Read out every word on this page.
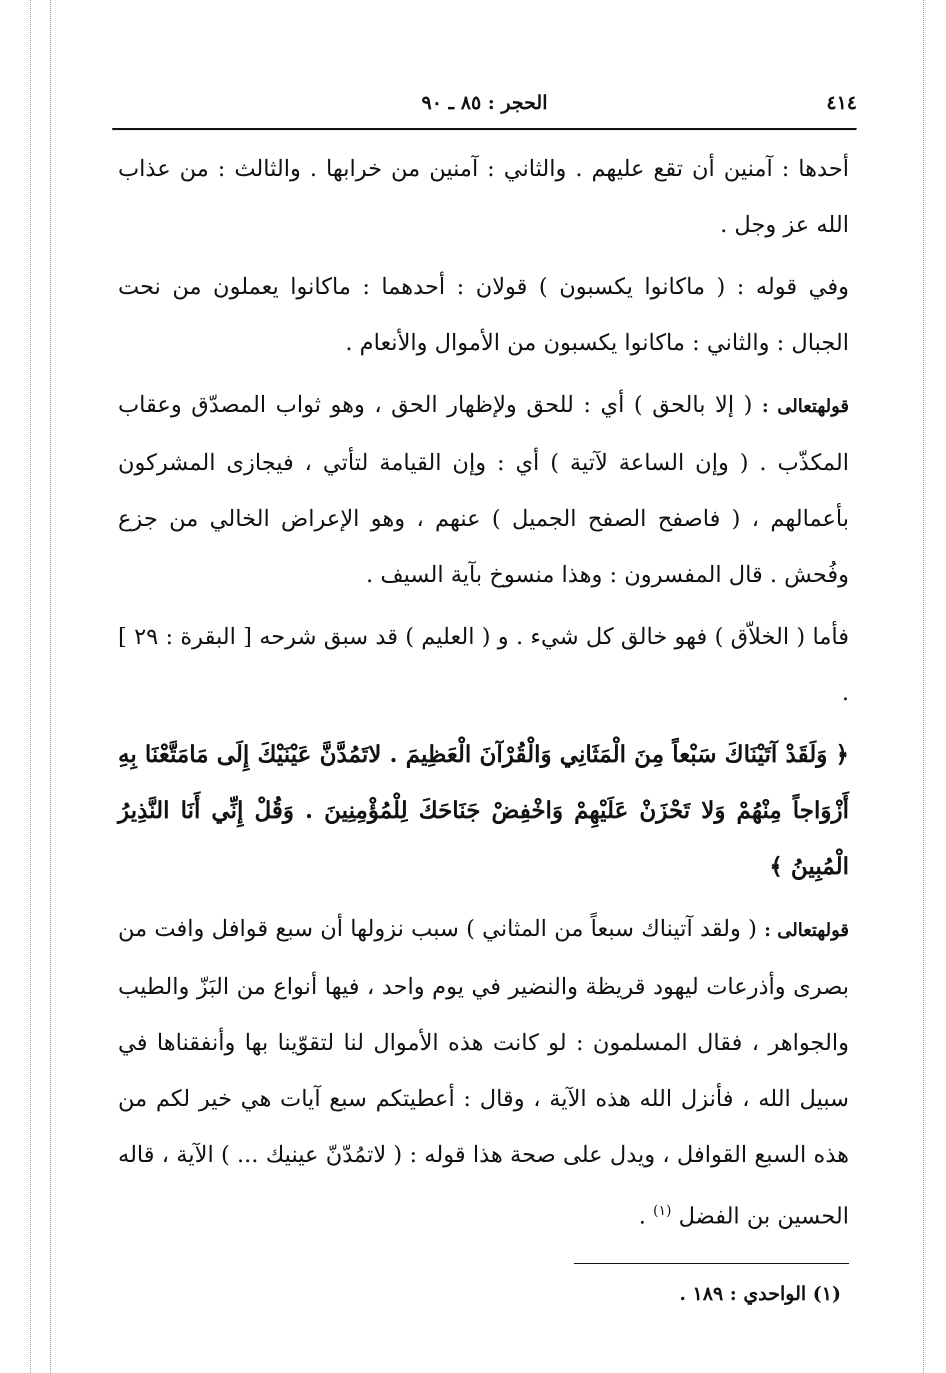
٤١٤
الحجر : ٨٥ ـ ٩٠

أحدها : آمنين أن تقع عليهم . والثاني : آمنين من خرابها . والثالث : من عذاب الله عز وجل .

وفي قوله : ( ماكانوا يكسبون ) قولان : أحدهما : ماكانوا يعملون من نحت الجبال : والثاني : ماكانوا يكسبون من الأموال والأنعام .

قولهتعالى : ( إلا بالحق ) أي : للحق ولإظهار الحق ، وهو ثواب المصدّق وعقاب المكذّب . ( وإن الساعة لآتية ) أي : وإن القيامة لتأتي ، فيجازى المشركون بأعمالهم ، ( فاصفح الصفح الجميل ) عنهم ، وهو الإعراض الخالي من جزع وفُحش . قال المفسرون : وهذا منسوخ بآية السيف .

فأما ( الخلاّق ) فهو خالق كل شيء . و ( العليم ) قد سبق شرحه [ البقرة : ٢٩ ] .

﴿ وَلَقَدْ آتَيْنَاكَ سَبْعاً مِنَ الْمَثَانِي وَالْقُرْآنَ الْعَظِيمَ . لاتَمُدَّنَّ عَيْنَيْكَ إِلَى مَامَتَّعْنَا بِهِ أَزْوَاجاً مِنْهُمْ وَلا تَحْزَنْ عَلَيْهِمْ وَاخْفِضْ جَنَاحَكَ لِلْمُؤْمِنِينَ . وَقُلْ إِنِّي أَنَا النَّذِيرُ الْمُبِينُ ﴾

قولهتعالى : ( ولقد آتيناك سبعاً من المثاني ) سبب نزولها أن سبع قوافل وافت من بصرى وأذرعات ليهود قريظة والنضير في يوم واحد ، فيها أنواع من البَزّ والطيب والجواهر ، فقال المسلمون : لو كانت هذه الأموال لنا لتقوّينا بها وأنفقناها في سبيل الله ، فأنزل الله هذه الآية ، وقال : أعطيتكم سبع آيات هي خير لكم من هذه السبع القوافل ، ويدل على صحة هذا قوله : ( لاتمُدّنّ عينيك ... ) الآية ، قاله الحسين بن الفضل $^{(١)}$ .

(١) الواحدي : ١٨٩ .
